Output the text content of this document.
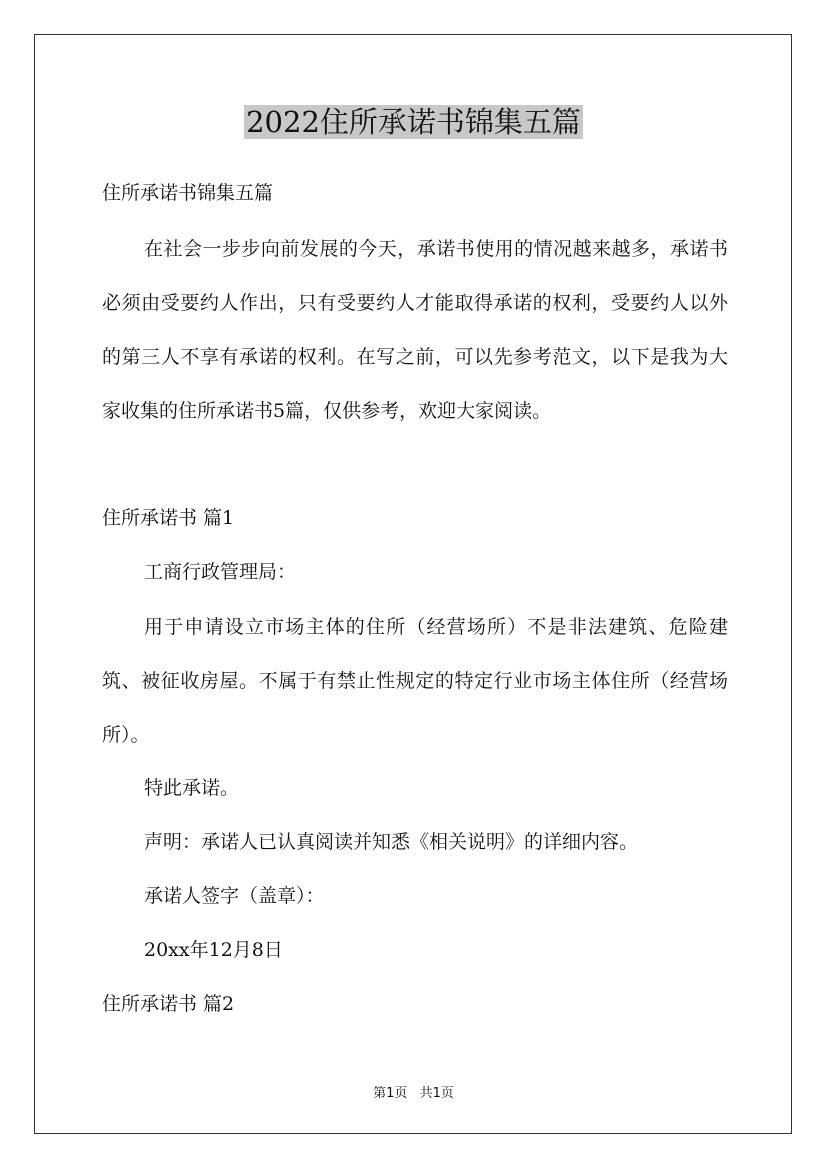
2022住所承诺书锦集五篇
住所承诺书锦集五篇
在社会一步步向前发展的今天，承诺书使用的情况越来越多，承诺书必须由受要约人作出，只有受要约人才能取得承诺的权利，受要约人以外的第三人不享有承诺的权利。在写之前，可以先参考范文，以下是我为大家收集的住所承诺书5篇，仅供参考，欢迎大家阅读。
住所承诺书 篇1
工商行政管理局：
用于申请设立市场主体的住所（经营场所）不是非法建筑、危险建筑、被征收房屋。不属于有禁止性规定的特定行业市场主体住所（经营场所）。
特此承诺。
声明：承诺人已认真阅读并知悉《相关说明》的详细内容。
承诺人签字（盖章）：
20xx年12月8日
住所承诺书 篇2
第1页 共1页
